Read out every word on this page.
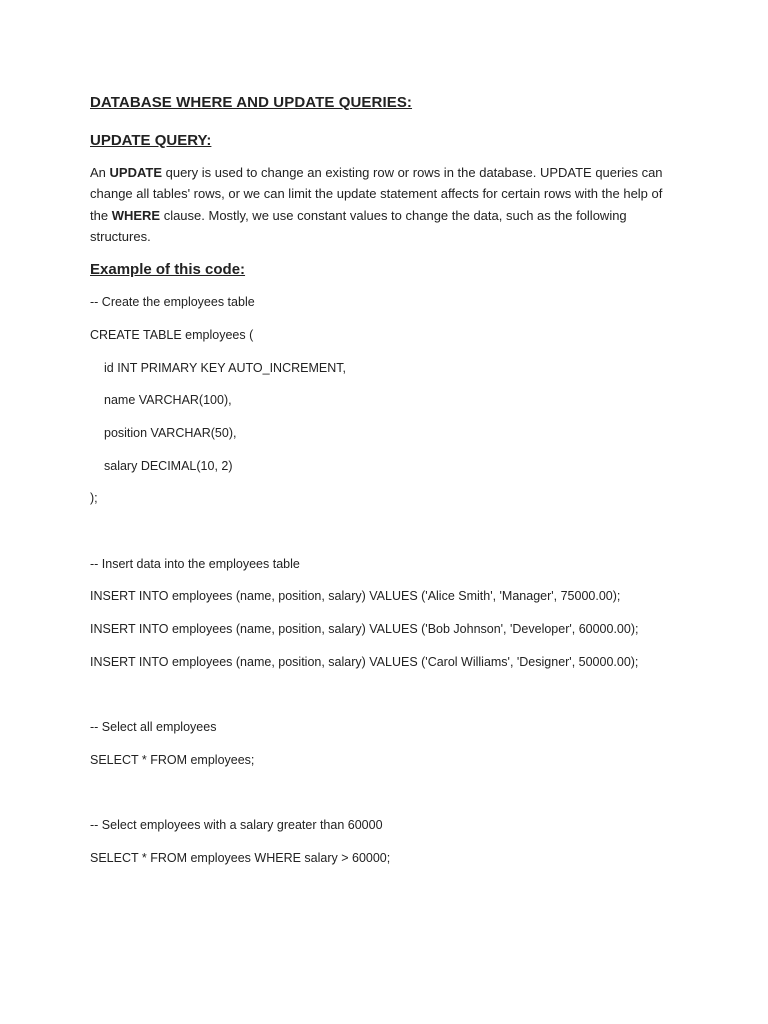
DATABASE WHERE AND UPDATE QUERIES:
UPDATE QUERY:

An UPDATE query is used to change an existing row or rows in the database. UPDATE queries can change all tables' rows, or we can limit the update statement affects for certain rows with the help of the WHERE clause. Mostly, we use constant values to change the data, such as the following structures.

Example of this code:
-- Create the employees table
CREATE TABLE employees (
id INT PRIMARY KEY AUTO_INCREMENT,
name VARCHAR(100),
position VARCHAR(50),
salary DECIMAL(10, 2)
);
-- Insert data into the employees table
INSERT INTO employees (name, position, salary) VALUES ('Alice Smith', 'Manager', 75000.00);
INSERT INTO employees (name, position, salary) VALUES ('Bob Johnson', 'Developer', 60000.00);
INSERT INTO employees (name, position, salary) VALUES ('Carol Williams', 'Designer', 50000.00);
-- Select all employees
SELECT * FROM employees;
-- Select employees with a salary greater than 60000
SELECT * FROM employees WHERE salary > 60000;
